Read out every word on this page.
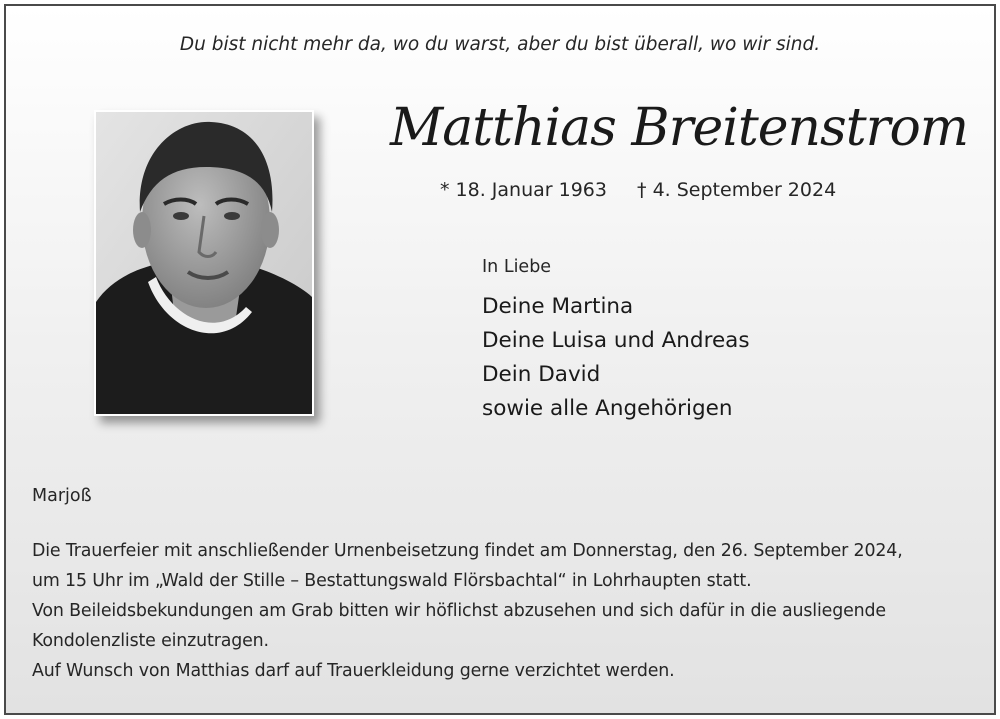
Du bist nicht mehr da, wo du warst, aber du bist überall, wo wir sind.
Matthias Breitenstrom
* 18. Januar 1963 † 4. September 2024
In Liebe
Deine Martina
Deine Luisa und Andreas
Dein David
sowie alle Angehörigen
Marjoß
Die Trauerfeier mit anschließender Urnenbeisetzung findet am Donnerstag, den 26. September 2024,
um 15 Uhr im „Wald der Stille – Bestattungswald Flörsbachtal“ in Lohrhaupten statt.
Von Beileidsbekundungen am Grab bitten wir höflichst abzusehen und sich dafür in die ausliegende
Kondolenzliste einzutragen.
Auf Wunsch von Matthias darf auf Trauerkleidung gerne verzichtet werden.
